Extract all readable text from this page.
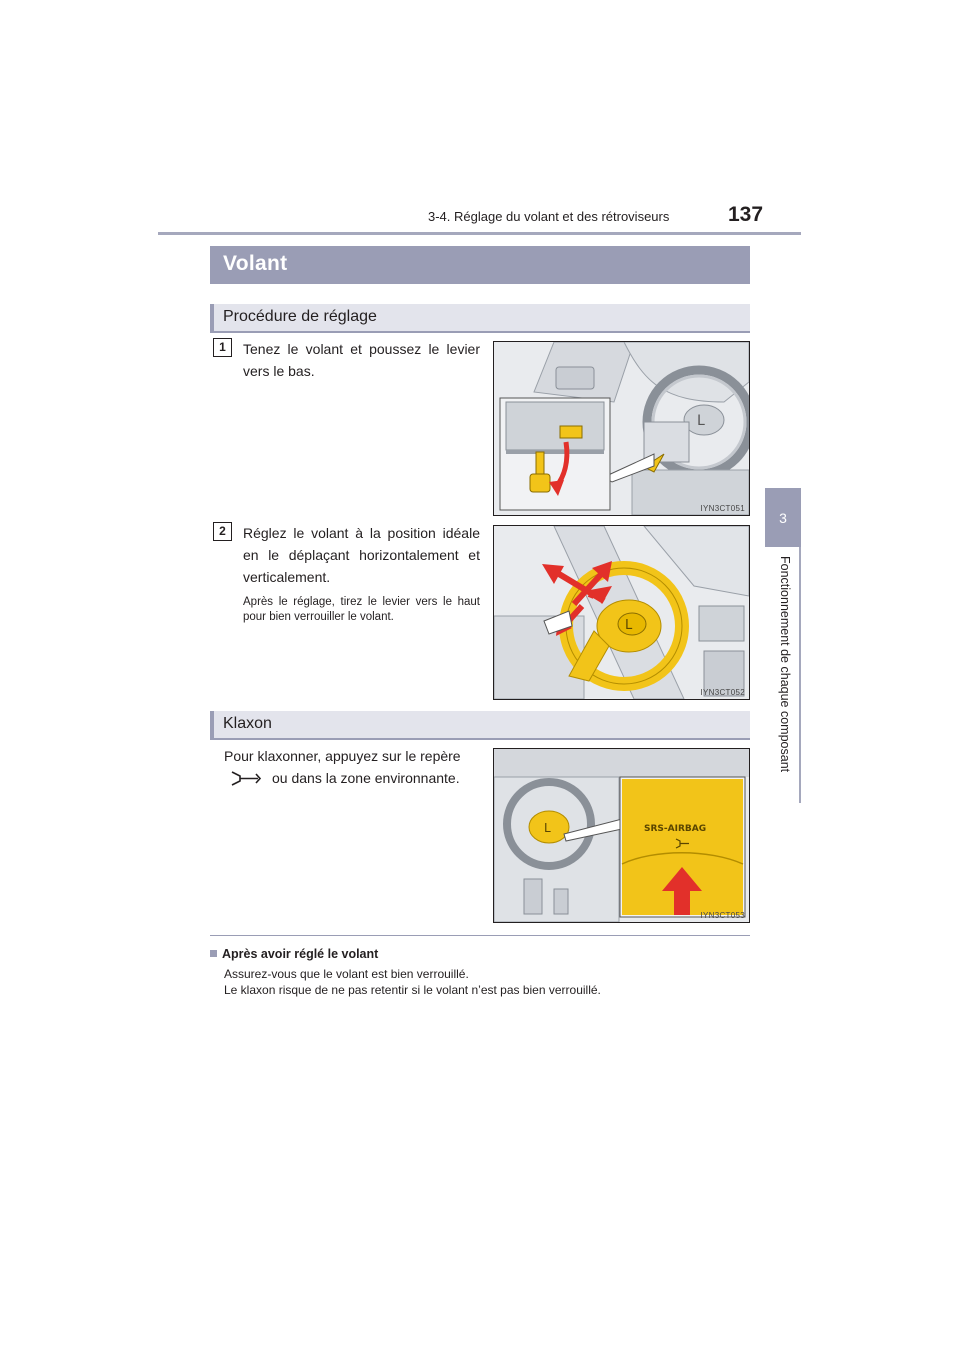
3-4. Réglage du volant et des rétroviseurs	137
3
Fonctionnement de chaque composant
Volant
Procédure de réglage
1	Tenez le volant et poussez le levier vers le bas.
L
IYN3CT051
2	Réglez le volant à la position idéale en le déplaçant horizontalement et verticalement.
Après le réglage, tirez le levier vers le haut pour bien verrouiller le volant.
L
IYN3CT052
Klaxon
Pour klaxonner, appuyez sur le repère
ou dans la zone environnante.
L	SRS-AIRBAG
IYN3CT053
Après avoir réglé le volant
Assurez-vous que le volant est bien verrouillé.
Le klaxon risque de ne pas retentir si le volant n’est pas bien verrouillé.
